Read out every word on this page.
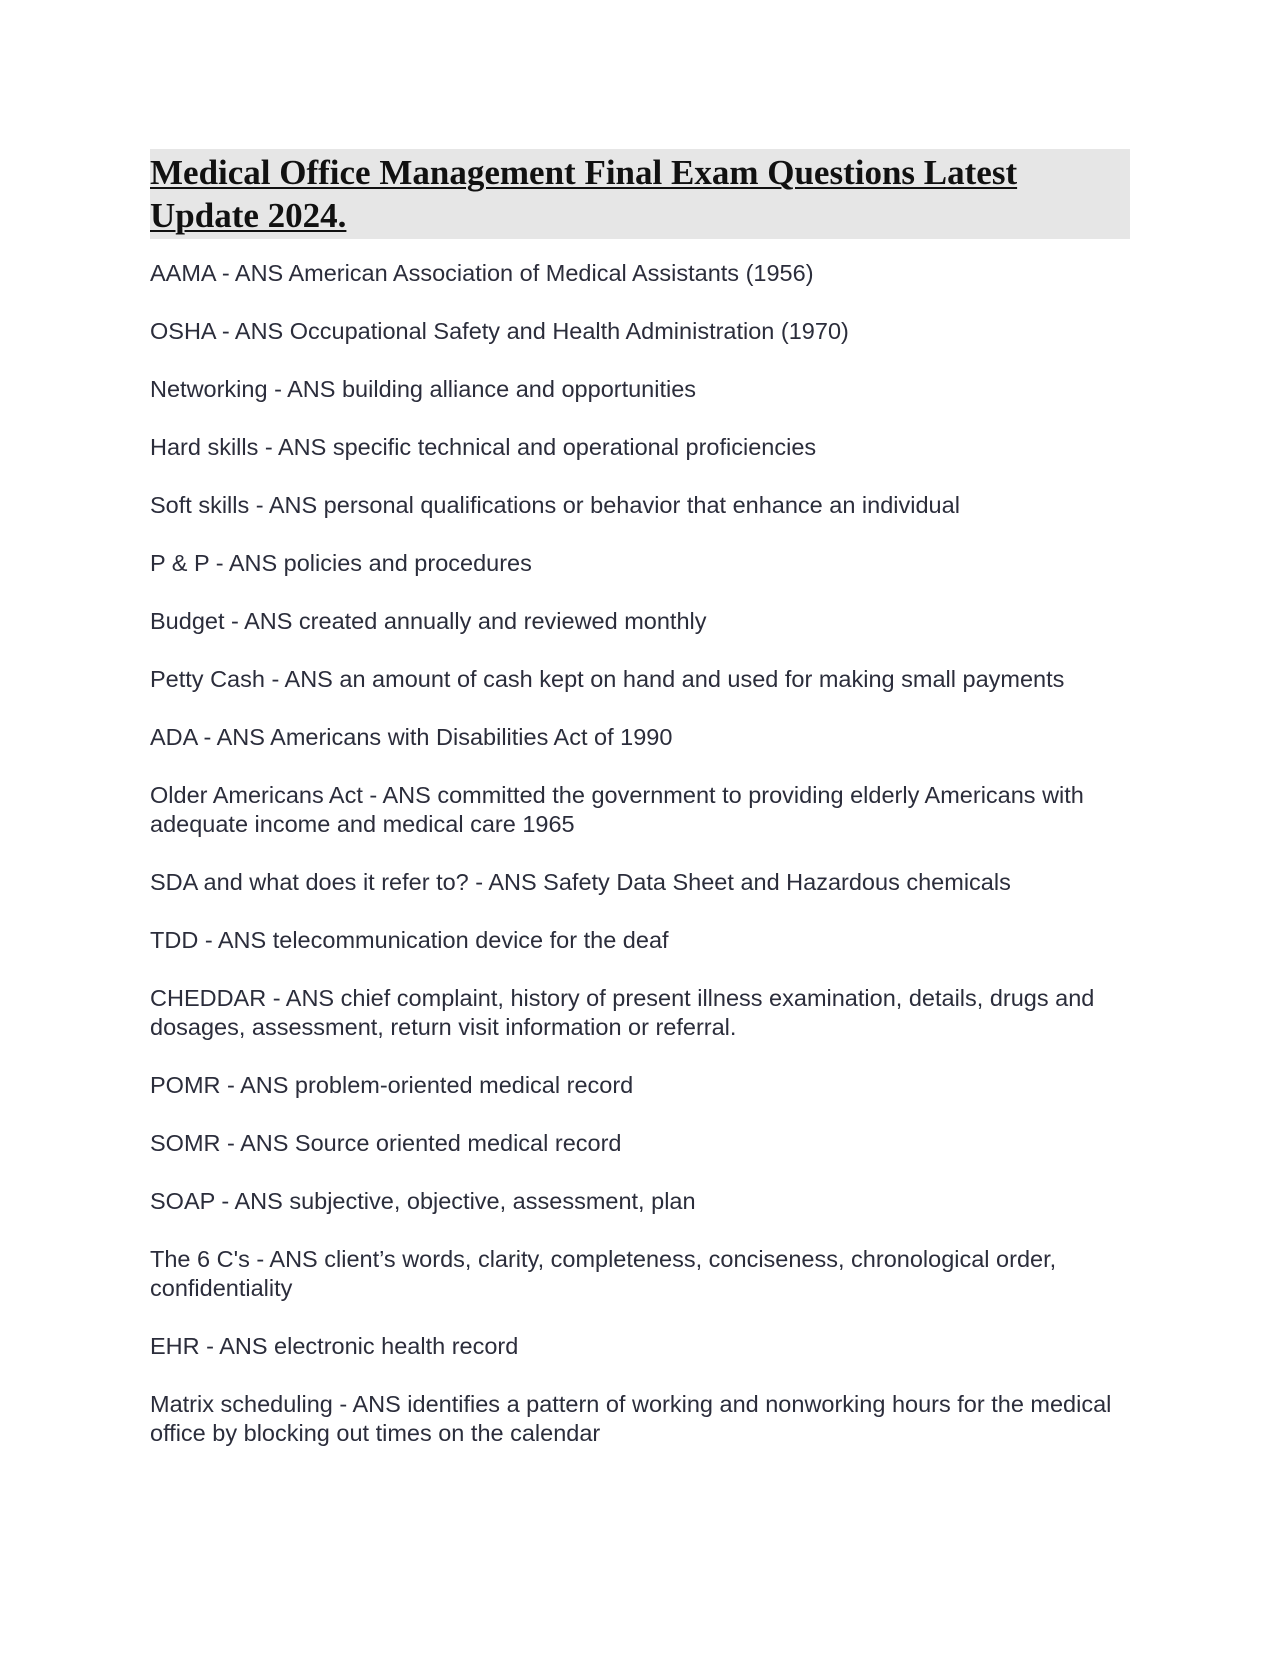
Medical Office Management Final Exam Questions Latest Update 2024.
AAMA - ANS American Association of Medical Assistants (1956)
OSHA - ANS Occupational Safety and Health Administration (1970)
Networking - ANS building alliance and opportunities
Hard skills - ANS specific technical and operational proficiencies
Soft skills - ANS personal qualifications or behavior that enhance an individual
P & P - ANS policies and procedures
Budget - ANS created annually and reviewed monthly
Petty Cash - ANS an amount of cash kept on hand and used for making small payments
ADA - ANS Americans with Disabilities Act of 1990
Older Americans Act - ANS committed the government to providing elderly Americans with adequate income and medical care 1965
SDA and what does it refer to? - ANS Safety Data Sheet and Hazardous chemicals
TDD - ANS telecommunication device for the deaf
CHEDDAR - ANS chief complaint, history of present illness examination, details, drugs and dosages, assessment, return visit information or referral.
POMR - ANS problem-oriented medical record
SOMR - ANS Source oriented medical record
SOAP - ANS subjective, objective, assessment, plan
The 6 C's - ANS client’s words, clarity, completeness, conciseness, chronological order, confidentiality
EHR - ANS electronic health record
Matrix scheduling - ANS identifies a pattern of working and nonworking hours for the medical office by blocking out times on the calendar
